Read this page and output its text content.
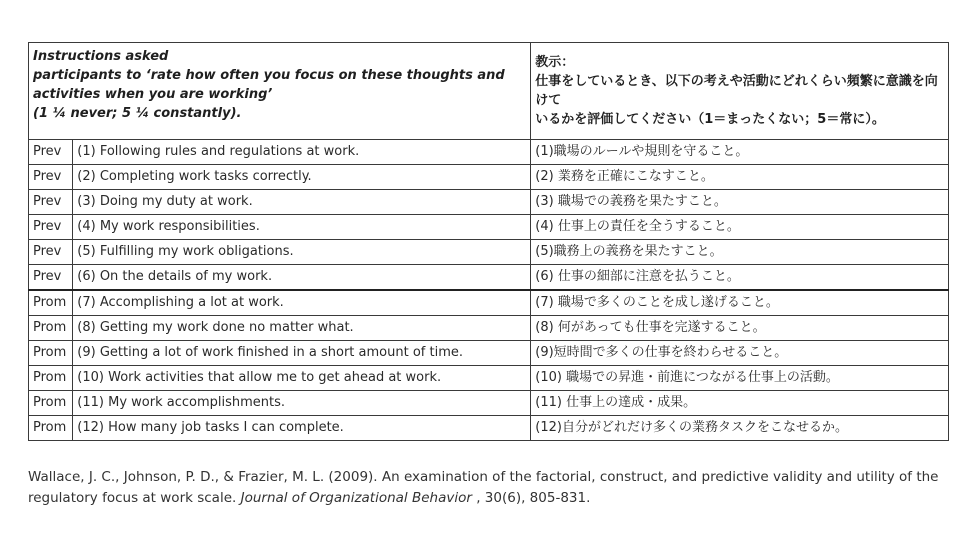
Instructions asked
participants to ‘rate how often you focus on these thoughts and
activities when you are working’
(1 ¼ never; 5 ¼ constantly).		教示：
仕事をしているとき、以下の考えや活動にどれくらい頻繁に意識を向けて
いるかを評価してください（1＝まったくない；5＝常に）。

Prev	(1) Following rules and regulations at work.	(1)職場のルールや規則を守ること。
Prev	(2) Completing work tasks correctly.	(2) 業務を正確にこなすこと。
Prev	(3) Doing my duty at work.	(3) 職場での義務を果たすこと。
Prev	(4) My work responsibilities.	(4) 仕事上の責任を全うすること。
Prev	(5) Fulfilling my work obligations.	(5)職務上の義務を果たすこと。
Prev	(6) On the details of my work.	(6) 仕事の細部に注意を払うこと。
Prom	(7) Accomplishing a lot at work.	(7) 職場で多くのことを成し遂げること。
Prom	(8) Getting my work done no matter what.	(8) 何があっても仕事を完遂すること。
Prom	(9) Getting a lot of work finished in a short amount of time.	(9)短時間で多くの仕事を終わらせること。
Prom	(10) Work activities that allow me to get ahead at work.	(10) 職場での昇進・前進につながる仕事上の活動。
Prom	(11) My work accomplishments.	(11) 仕事上の達成・成果。
Prom	(12) How many job tasks I can complete.	(12)自分がどれだけ多くの業務タスクをこなせるか。
Wallace, J. C., Johnson, P. D., & Frazier, M. L. (2009). An examination of the factorial, construct, and predictive validity and utility of the regulatory focus at work scale. Journal of Organizational Behavior , 30(6), 805-831.
